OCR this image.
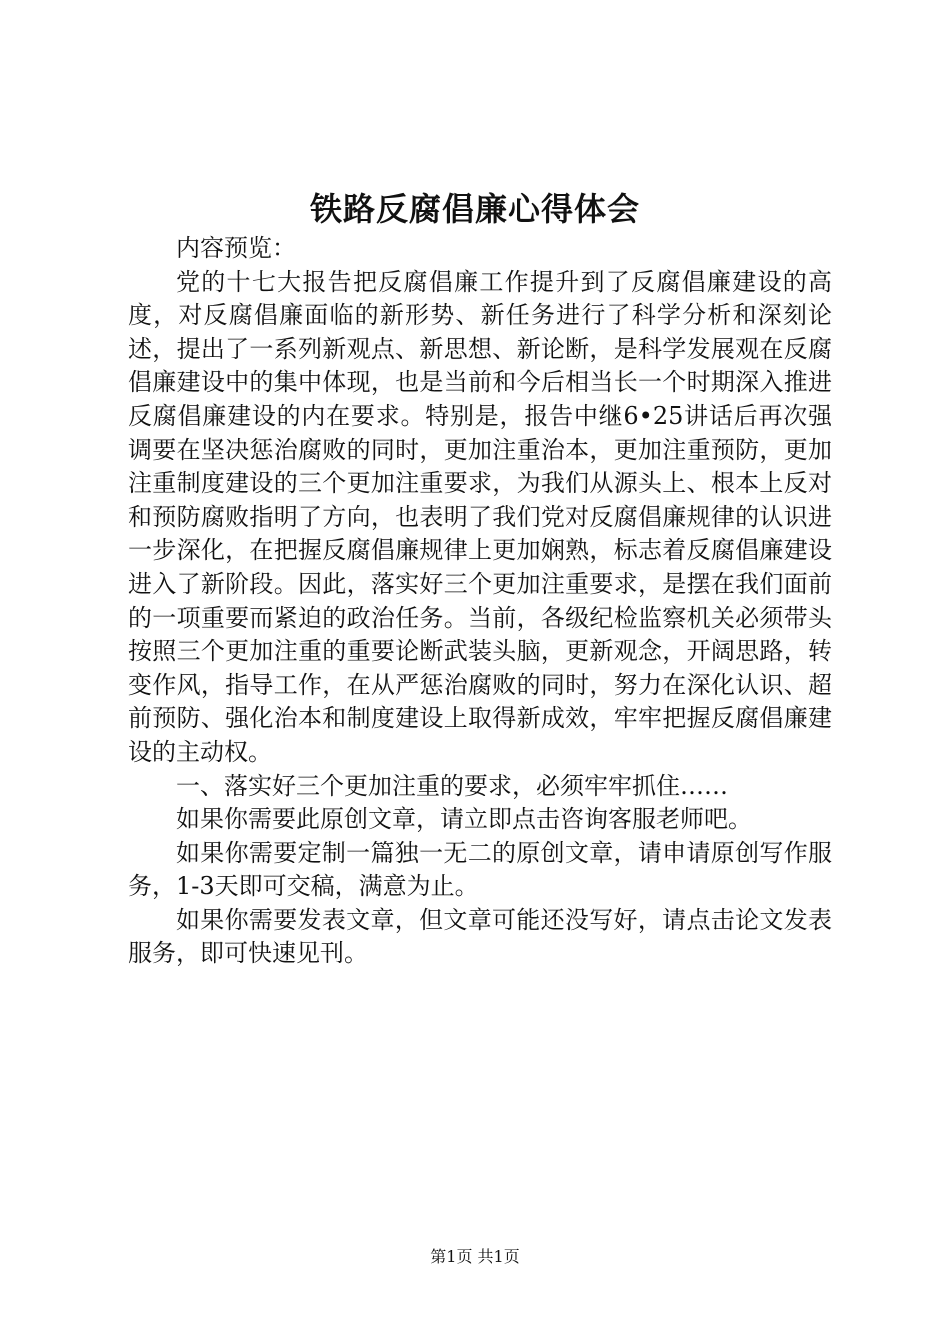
铁路反腐倡廉心得体会

内容预览：

党的十七大报告把反腐倡廉工作提升到了反腐倡廉建设的高度，对反腐倡廉面临的新形势、新任务进行了科学分析和深刻论述，提出了一系列新观点、新思想、新论断，是科学发展观在反腐倡廉建设中的集中体现，也是当前和今后相当长一个时期深入推进反腐倡廉建设的内在要求。特别是，报告中继6•25讲话后再次强调要在坚决惩治腐败的同时，更加注重治本，更加注重预防，更加注重制度建设的三个更加注重要求，为我们从源头上、根本上反对和预防腐败指明了方向，也表明了我们党对反腐倡廉规律的认识进一步深化，在把握反腐倡廉规律上更加娴熟，标志着反腐倡廉建设进入了新阶段。因此，落实好三个更加注重要求，是摆在我们面前的一项重要而紧迫的政治任务。当前，各级纪检监察机关必须带头按照三个更加注重的重要论断武装头脑，更新观念，开阔思路，转变作风，指导工作，在从严惩治腐败的同时，努力在深化认识、超前预防、强化治本和制度建设上取得新成效，牢牢把握反腐倡廉建设的主动权。

一、落实好三个更加注重的要求，必须牢牢抓住……

如果你需要此原创文章，请立即点击咨询客服老师吧。

如果你需要定制一篇独一无二的原创文章，请申请原创写作服务，1-3天即可交稿，满意为止。

如果你需要发表文章，但文章可能还没写好，请点击论文发表服务，即可快速见刊。

第1页 共1页
